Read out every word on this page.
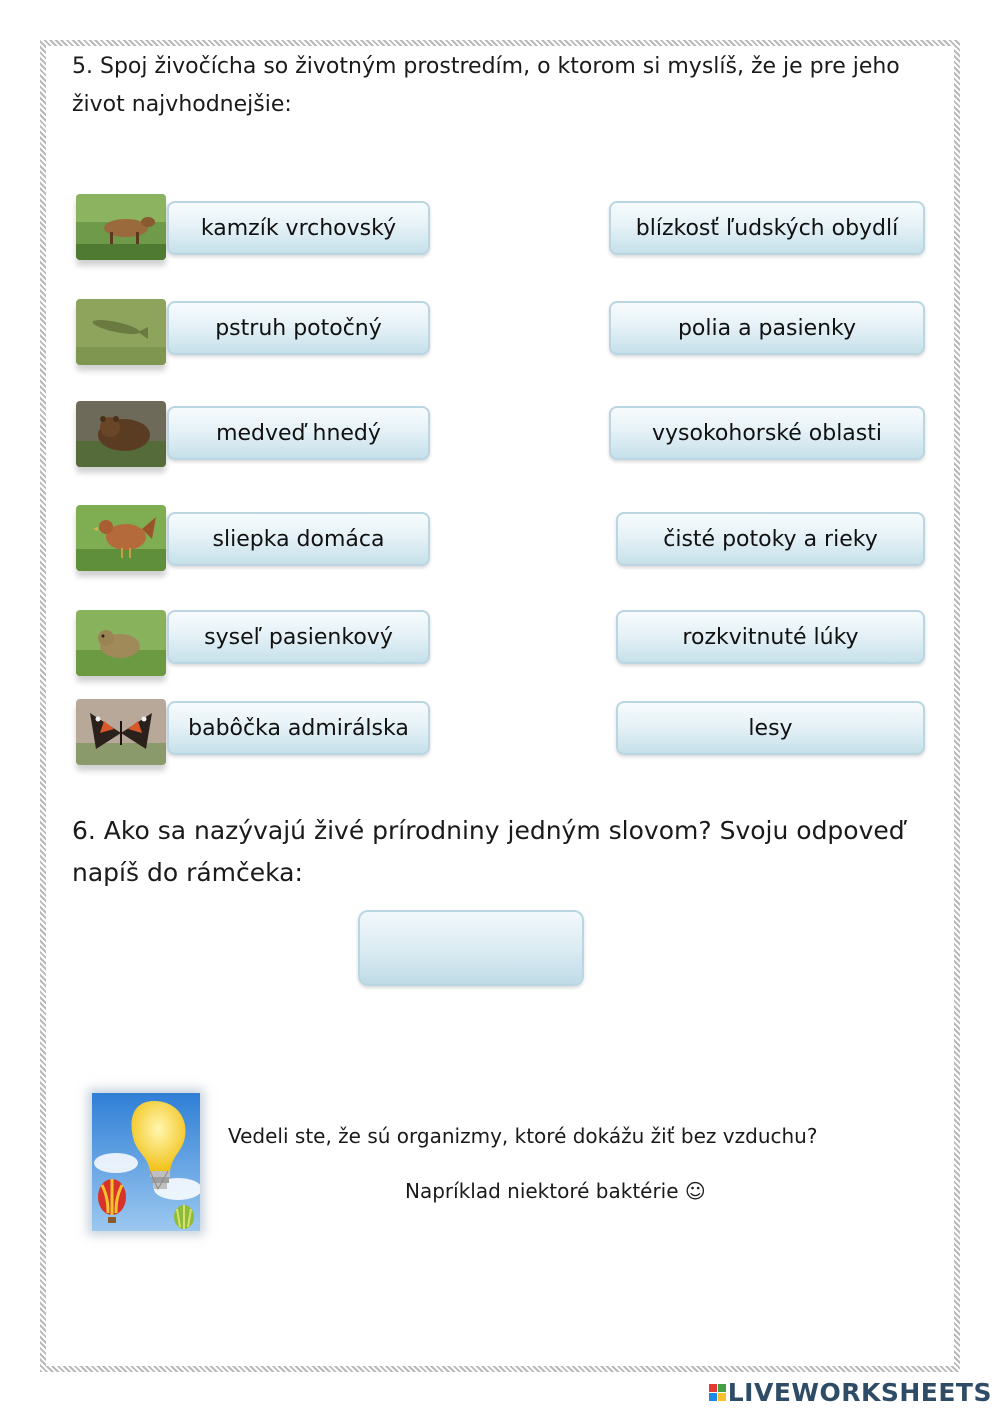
5. Spoj živočícha so životným prostredím, o ktorom si myslíš, že je pre jeho život najvhodnejšie:

kamzík vrchovský
pstruh potočný
medveď hnedý
sliepka domáca
syseľ pasienkový
babôčka admirálska
blízkosť ľudských obydlí
polia a pasienky
vysokohorské oblasti
čisté potoky a rieky
rozkvitnuté lúky
lesy

6. Ako sa nazývajú živé prírodniny jedným slovom? Svoju odpoveď napíš do rámčeka:

Vedeli ste, že sú organizmy, ktoré dokážu žiť bez vzduchu?
Napríklad niektoré baktérie ☺
LIVEWORKSHEETS
